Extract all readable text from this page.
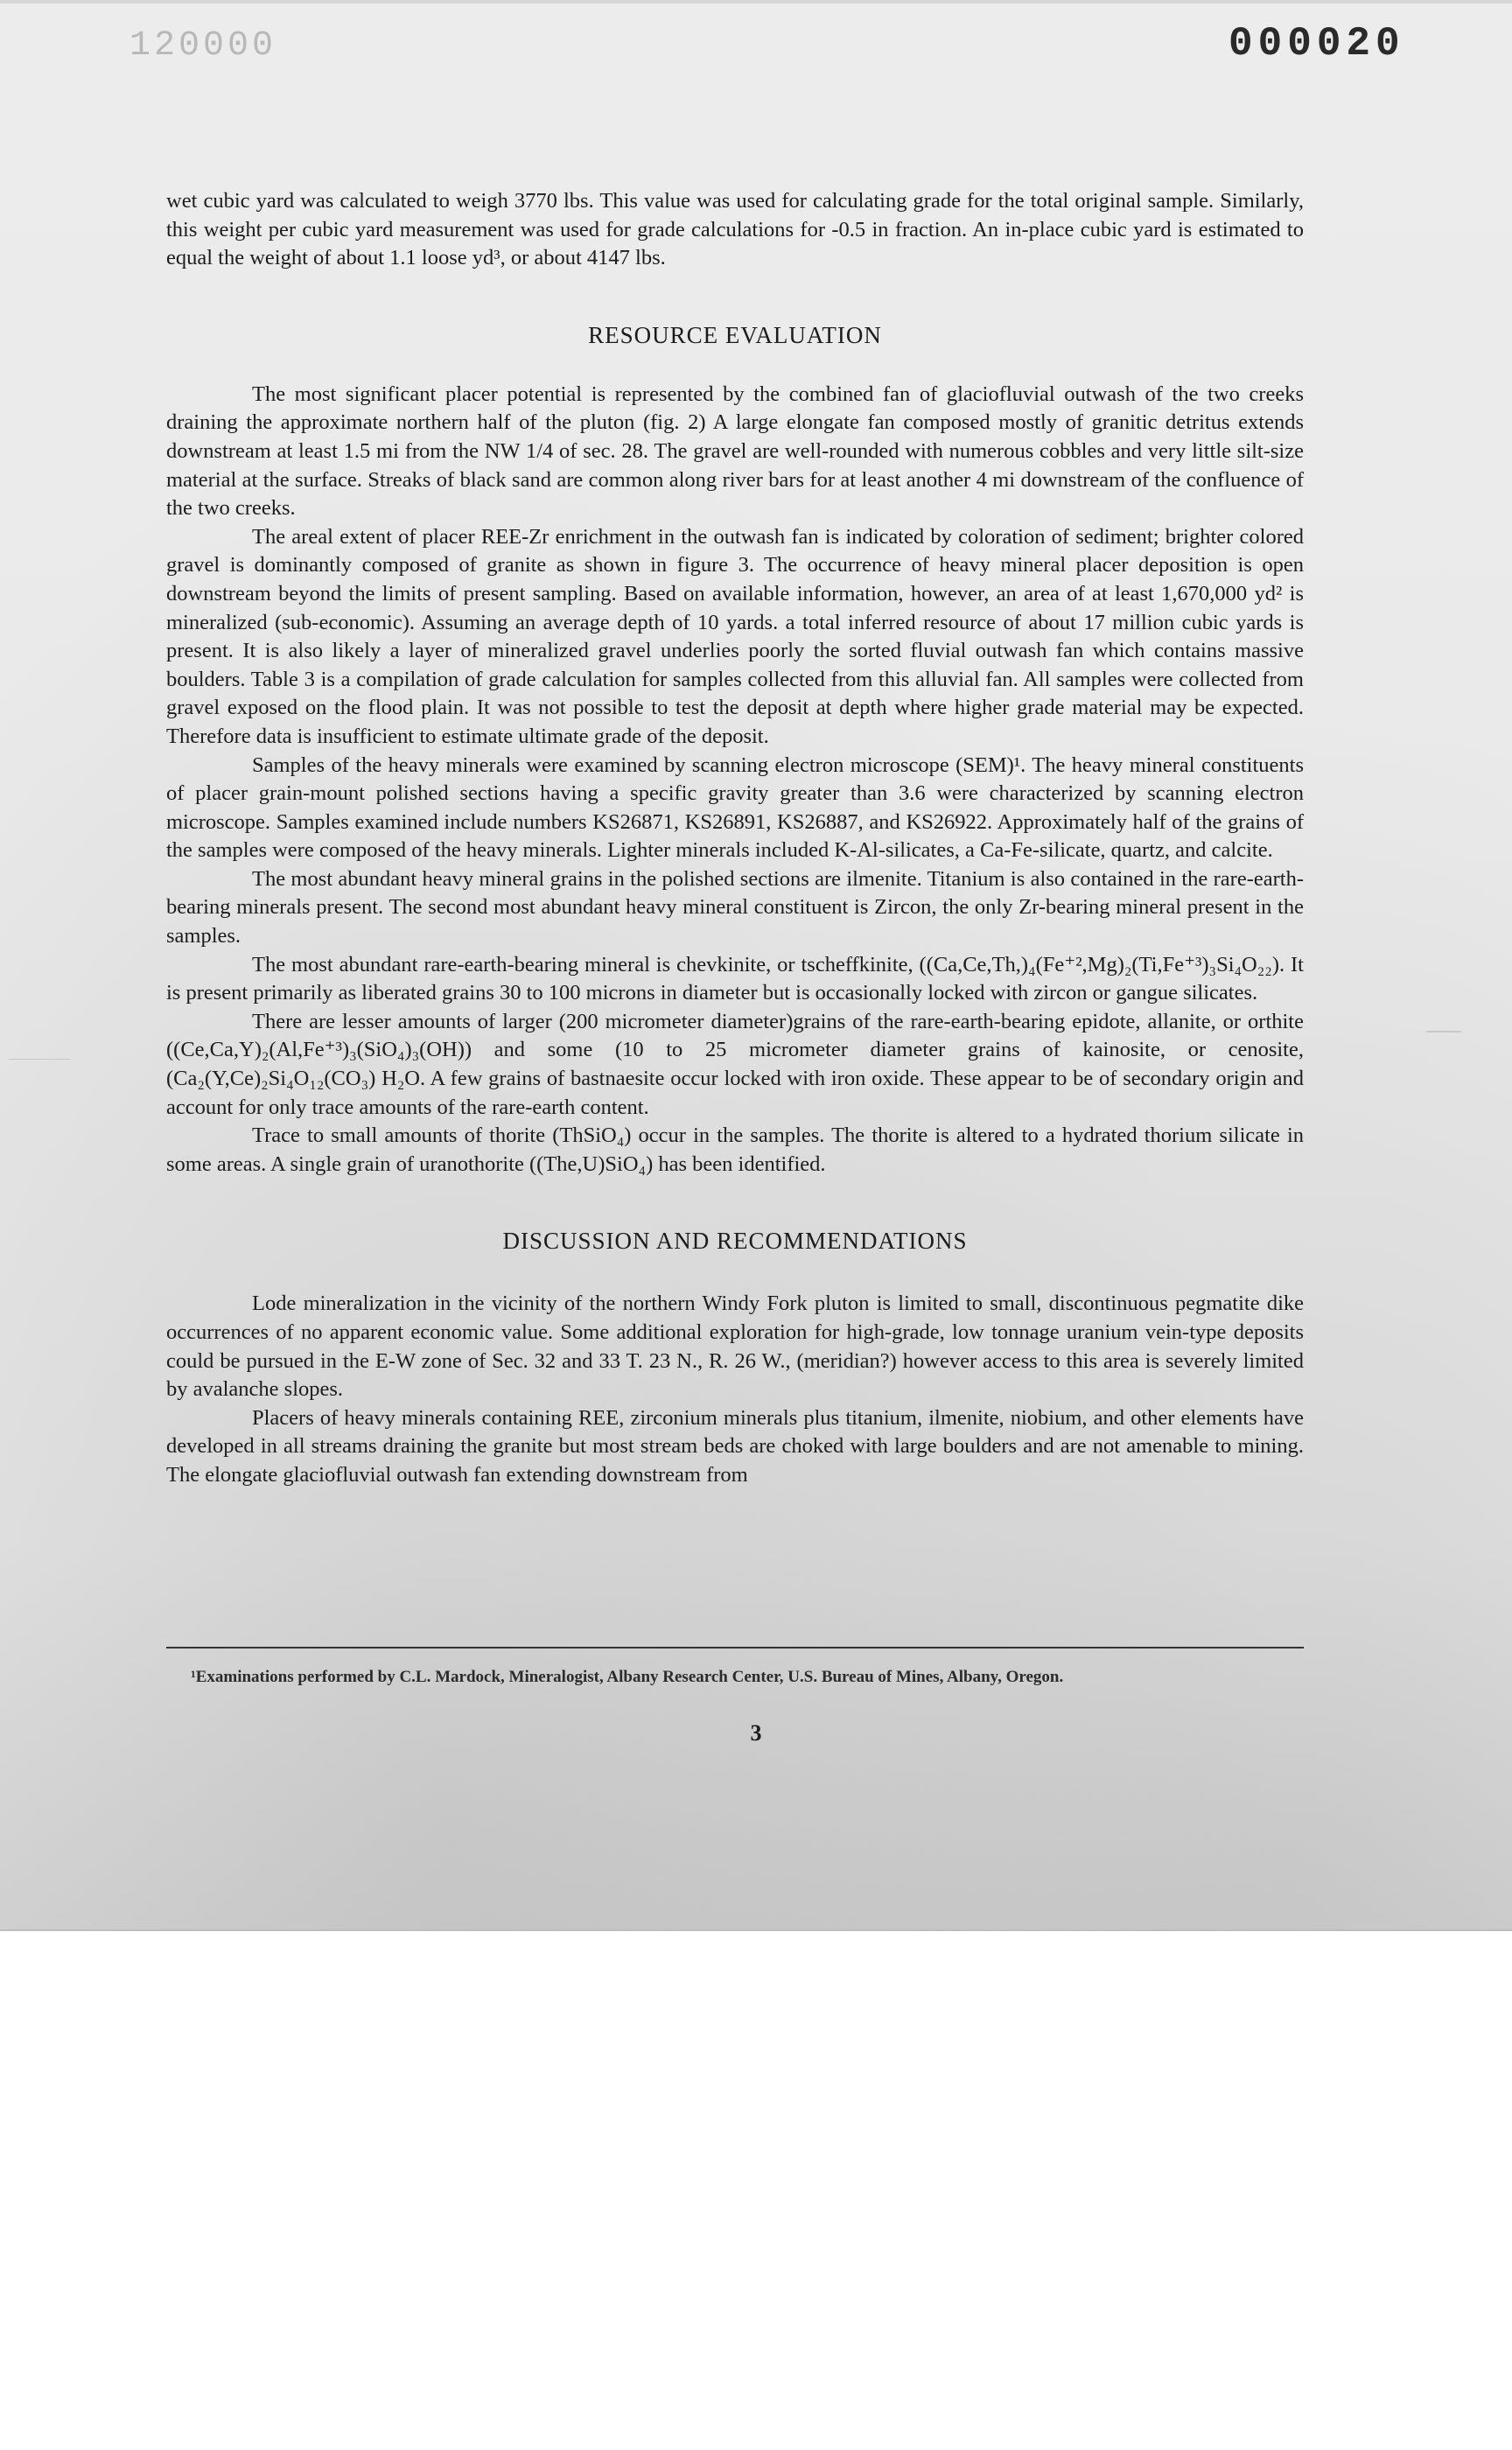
120000	000020

wet cubic yard was calculated to weigh 3770 lbs. This value was used for calculating grade for the total original sample. Similarly, this weight per cubic yard measurement was used for grade calculations for -0.5 in fraction. An in-place cubic yard is estimated to equal the weight of about 1.1 loose yd³, or about 4147 lbs.

RESOURCE EVALUATION

The most significant placer potential is represented by the combined fan of glaciofluvial outwash of the two creeks draining the approximate northern half of the pluton (fig. 2) A large elongate fan composed mostly of granitic detritus extends downstream at least 1.5 mi from the NW 1/4 of sec. 28. The gravel are well-rounded with numerous cobbles and very little silt-size material at the surface. Streaks of black sand are common along river bars for at least another 4 mi downstream of the confluence of the two creeks.

The areal extent of placer REE-Zr enrichment in the outwash fan is indicated by coloration of sediment; brighter colored gravel is dominantly composed of granite as shown in figure 3. The occurrence of heavy mineral placer deposition is open downstream beyond the limits of present sampling. Based on available information, however, an area of at least 1,670,000 yd² is mineralized (sub-economic). Assuming an average depth of 10 yards. a total inferred resource of about 17 million cubic yards is present. It is also likely a layer of mineralized gravel underlies poorly the sorted fluvial outwash fan which contains massive boulders. Table 3 is a compilation of grade calculation for samples collected from this alluvial fan. All samples were collected from gravel exposed on the flood plain. It was not possible to test the deposit at depth where higher grade material may be expected. Therefore data is insufficient to estimate ultimate grade of the deposit.

Samples of the heavy minerals were examined by scanning electron microscope (SEM)¹. The heavy mineral constituents of placer grain-mount polished sections having a specific gravity greater than 3.6 were characterized by scanning electron microscope. Samples examined include numbers KS26871, KS26891, KS26887, and KS26922. Approximately half of the grains of the samples were composed of the heavy minerals. Lighter minerals included K-Al-silicates, a Ca-Fe-silicate, quartz, and calcite.

The most abundant heavy mineral grains in the polished sections are ilmenite. Titanium is also contained in the rare-earth-bearing minerals present. The second most abundant heavy mineral constituent is Zircon, the only Zr-bearing mineral present in the samples.

The most abundant rare-earth-bearing mineral is chevkinite, or tscheffkinite, ((Ca,Ce,Th,)₄(Fe⁺²,Mg)₂(Ti,Fe⁺³)₃Si₄O₂₂). It is present primarily as liberated grains 30 to 100 microns in diameter but is occasionally locked with zircon or gangue silicates.

There are lesser amounts of larger (200 micrometer diameter)grains of the rare-earth-bearing epidote, allanite, or orthite ((Ce,Ca,Y)₂(Al,Fe⁺³)₃(SiO₄)₃(OH)) and some (10 to 25 micrometer diameter grains of kainosite, or cenosite, (Ca₂(Y,Ce)₂Si₄O₁₂(CO₃) H₂O. A few grains of bastnaesite occur locked with iron oxide. These appear to be of secondary origin and account for only trace amounts of the rare-earth content.

Trace to small amounts of thorite (ThSiO₄) occur in the samples. The thorite is altered to a hydrated thorium silicate in some areas. A single grain of uranothorite ((The,U)SiO₄) has been identified.

DISCUSSION AND RECOMMENDATIONS

Lode mineralization in the vicinity of the northern Windy Fork pluton is limited to small, discontinuous pegmatite dike occurrences of no apparent economic value. Some additional exploration for high-grade, low tonnage uranium vein-type deposits could be pursued in the E-W zone of Sec. 32 and 33 T. 23 N., R. 26 W., (meridian?) however access to this area is severely limited by avalanche slopes.

Placers of heavy minerals containing REE, zirconium minerals plus titanium, ilmenite, niobium, and other elements have developed in all streams draining the granite but most stream beds are choked with large boulders and are not amenable to mining. The elongate glaciofluvial outwash fan extending downstream from

¹Examinations performed by C.L. Mardock, Mineralogist, Albany Research Center, U.S. Bureau of Mines, Albany, Oregon.
3
